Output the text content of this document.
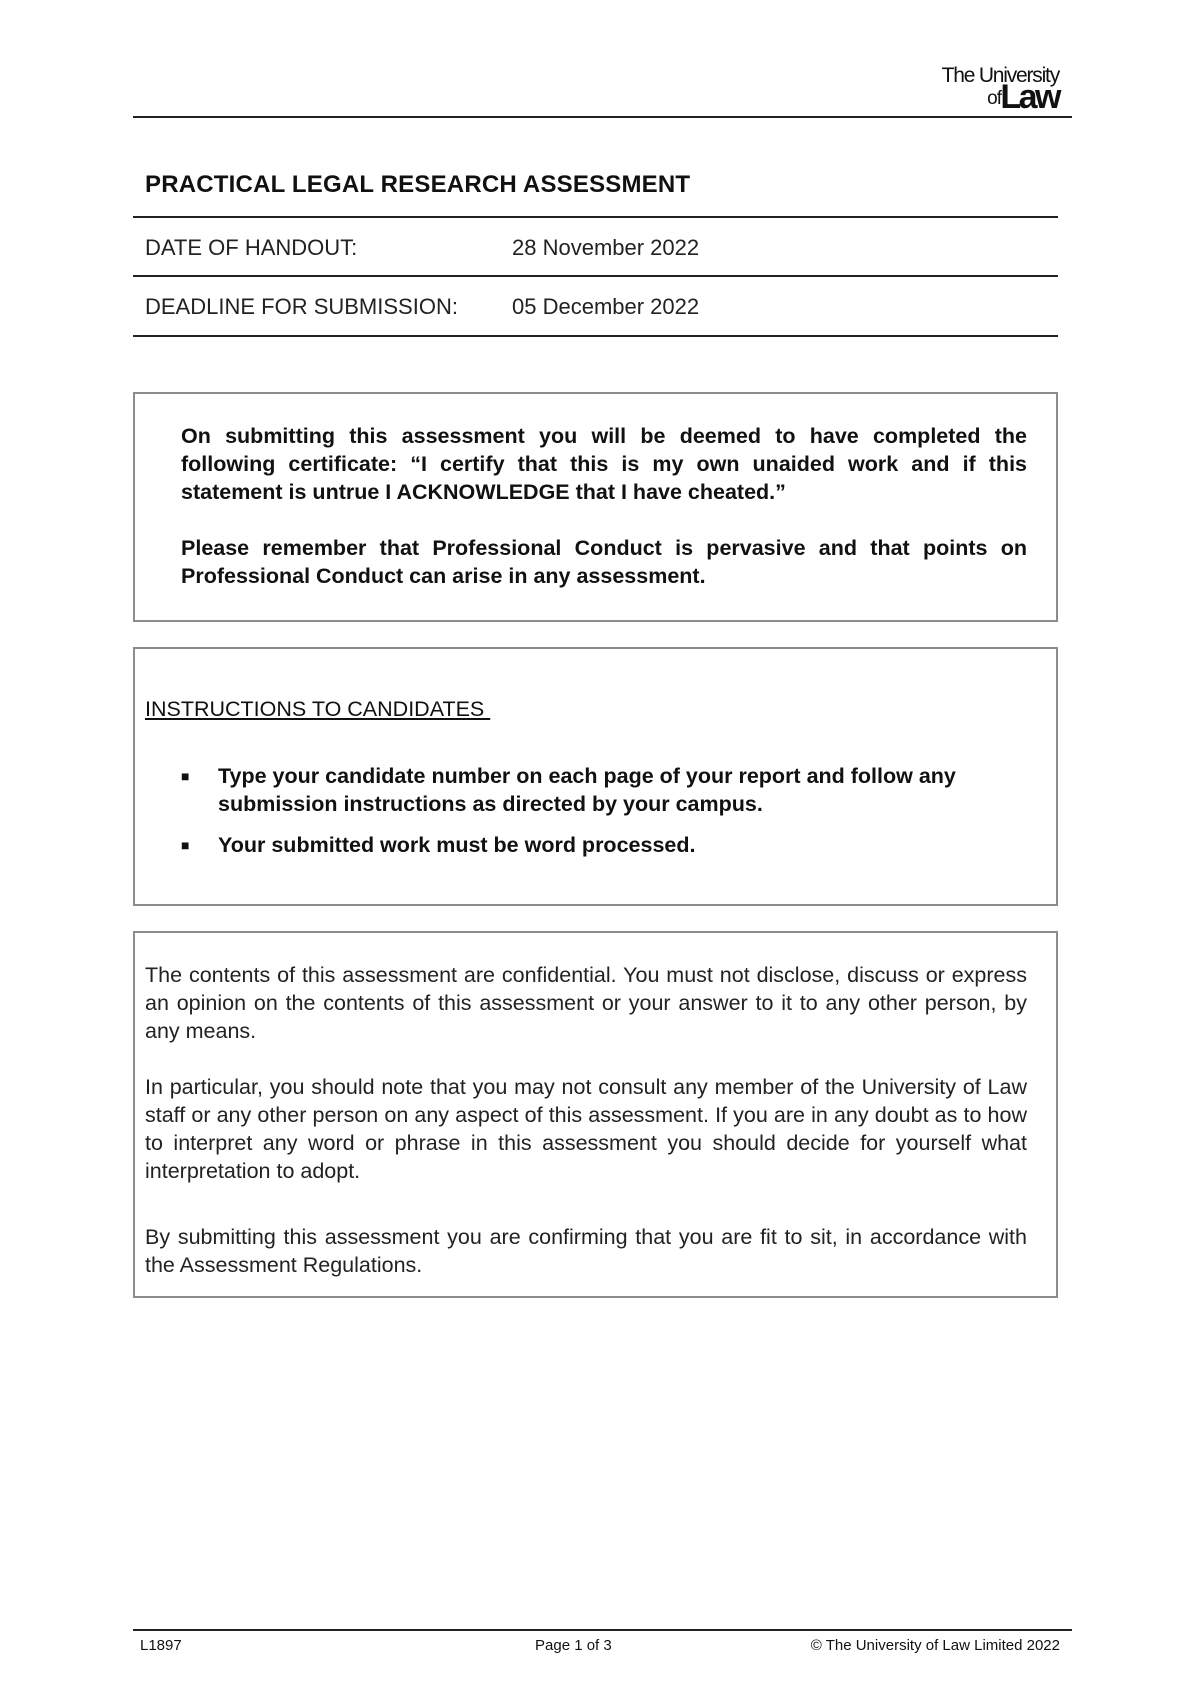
The University
of Law
PRACTICAL LEGAL RESEARCH ASSESSMENT
DATE OF HANDOUT:	28 November 2022
DEADLINE FOR SUBMISSION: 05 December 2022
On submitting this assessment you will be deemed to have completed the following certificate: “I certify that this is my own unaided work and if this statement is untrue I ACKNOWLEDGE that I have cheated.”
Please remember that Professional Conduct is pervasive and that points on Professional Conduct can arise in any assessment.
INSTRUCTIONS TO CANDIDATES
■ Type your candidate number on each page of your report and follow any submission instructions as directed by your campus.
■ Your submitted work must be word processed.
The contents of this assessment are confidential. You must not disclose, discuss or express an opinion on the contents of this assessment or your answer to it to any other person, by any means.
In particular, you should note that you may not consult any member of the University of Law staff or any other person on any aspect of this assessment. If you are in any doubt as to how to interpret any word or phrase in this assessment you should decide for yourself what interpretation to adopt.
By submitting this assessment you are confirming that you are fit to sit, in accordance with the Assessment Regulations.
L1897	Page 1 of 3	© The University of Law Limited 2022
